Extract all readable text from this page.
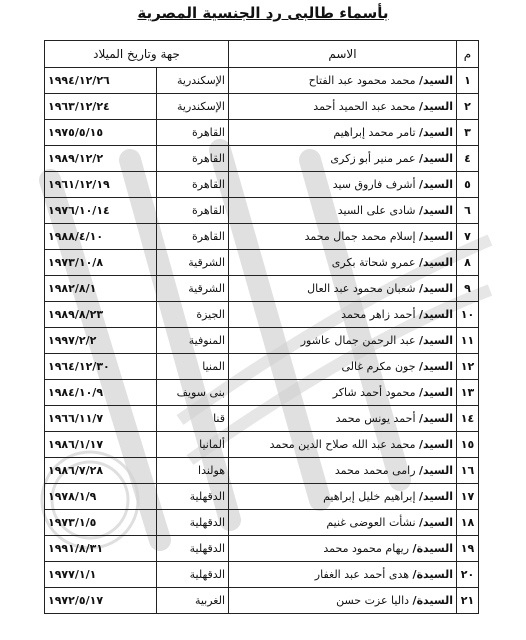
بأسماء طالبى رد الجنسية المصرية
م	الاسم	جهة وتاريخ الميلاد	
١	السيد/ محمد محمود عبد الفتاح	الإسكندرية	١٩٩٤/١٢/٢٦
٢	السيد/ محمد عبد الحميد أحمد	الإسكندرية	١٩٦٣/١٢/٢٤
٣	السيد/ تامر محمد إبراهيم	القاهرة	١٩٧٥/٥/١٥
٤	السيد/ عمر منير أبو زكرى	القاهرة	١٩٨٩/١٢/٢
٥	السيد/ أشرف فاروق سيد	القاهرة	١٩٦١/١٢/١٩
٦	السيد/ شادى على السيد	القاهرة	١٩٧٦/١٠/١٤
٧	السيد/ إسلام محمد جمال محمد	القاهرة	١٩٨٨/٤/١٠
٨	السيد/ عمرو شحاتة بكرى	الشرقية	١٩٧٣/١٠/٨
٩	السيد/ شعبان محمود عبد العال	الشرقية	١٩٨٢/٨/١
١٠	السيد/ أحمد زاهر محمد	الجيزة	١٩٨٩/٨/٢٣
١١	السيد/ عبد الرحمن جمال عاشور	المنوفية	١٩٩٧/٢/٢
١٢	السيد/ جون مكرم غالى	المنيا	١٩٦٤/١٢/٣٠
١٣	السيد/ محمود أحمد شاكر	بنى سويف	١٩٨٤/١٠/٩
١٤	السيد/ أحمد يونس محمد	قنا	١٩٦٦/١١/٧
١٥	السيد/ محمد عبد الله صلاح الدين محمد	ألمانيا	١٩٨٦/١/١٧
١٦	السيد/ رامى محمد محمد	هولندا	١٩٨٦/٧/٢٨
١٧	السيد/ إبراهيم خليل إبراهيم	الدقهلية	١٩٧٨/١/٩
١٨	السيد/ نشأت العوضى غنيم	الدقهلية	١٩٧٣/١/٥
١٩	السيدة/ ريهام محمود محمد	الدقهلية	١٩٩١/٨/٣١
٢٠	السيدة/ هدى أحمد عبد الغفار	الدقهلية	١٩٧٧/١/١
٢١	السيدة/ داليا عزت حسن	الغربية	١٩٧٢/٥/١٧
